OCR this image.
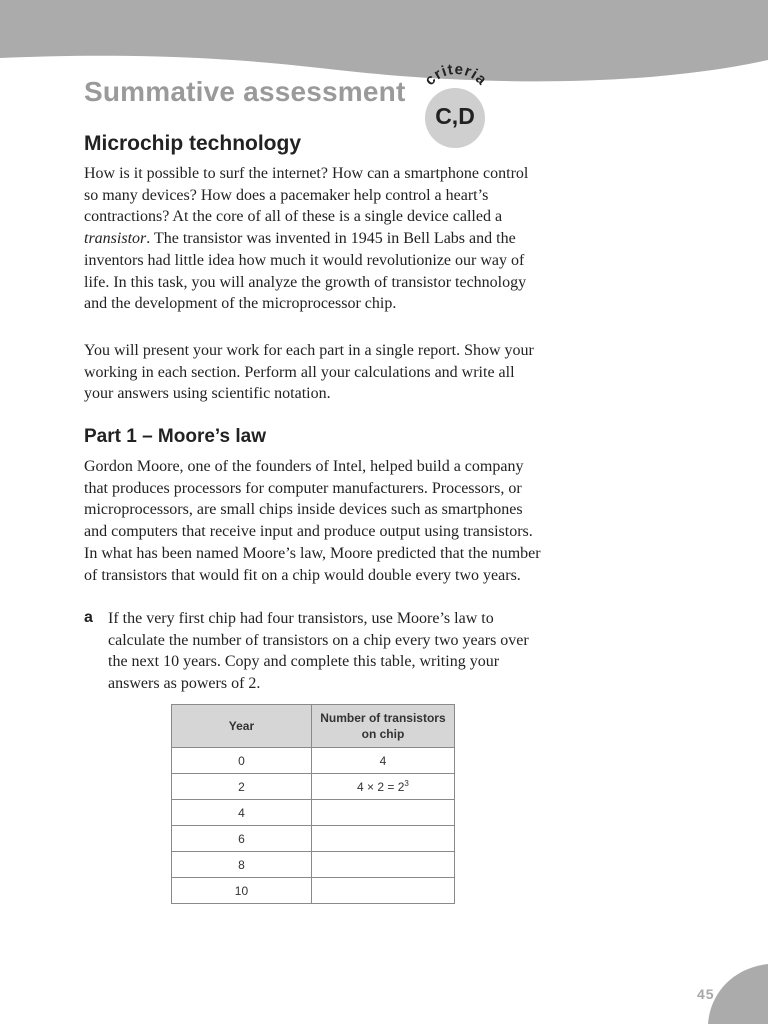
Summative assessment criteria
C,D
Microchip technology

How is it possible to surf the internet? How can a smartphone control so many devices? How does a pacemaker help control a heart’s contractions? At the core of all of these is a single device called a transistor. The transistor was invented in 1945 in Bell Labs and the inventors had little idea how much it would revolutionize our way of life. In this task, you will analyze the growth of transistor technology and the development of the microprocessor chip.

You will present your work for each part in a single report. Show your working in each section. Perform all your calculations and write all your answers using scientific notation.

Part 1 – Moore’s law

Gordon Moore, one of the founders of Intel, helped build a company that produces processors for computer manufacturers. Processors, or microprocessors, are small chips inside devices such as smartphones and computers that receive input and produce output using transistors. In what has been named Moore’s law, Moore predicted that the number of transistors that would fit on a chip would double every two years.

a If the very first chip had four transistors, use Moore’s law to calculate the number of transistors on a chip every two years over the next 10 years. Copy and complete this table, writing your answers as powers of 2.

Year	Number of transistors on chip
0	4
2	$4 \times 2 = 2^3$
4	
6	
8	
10	
45
